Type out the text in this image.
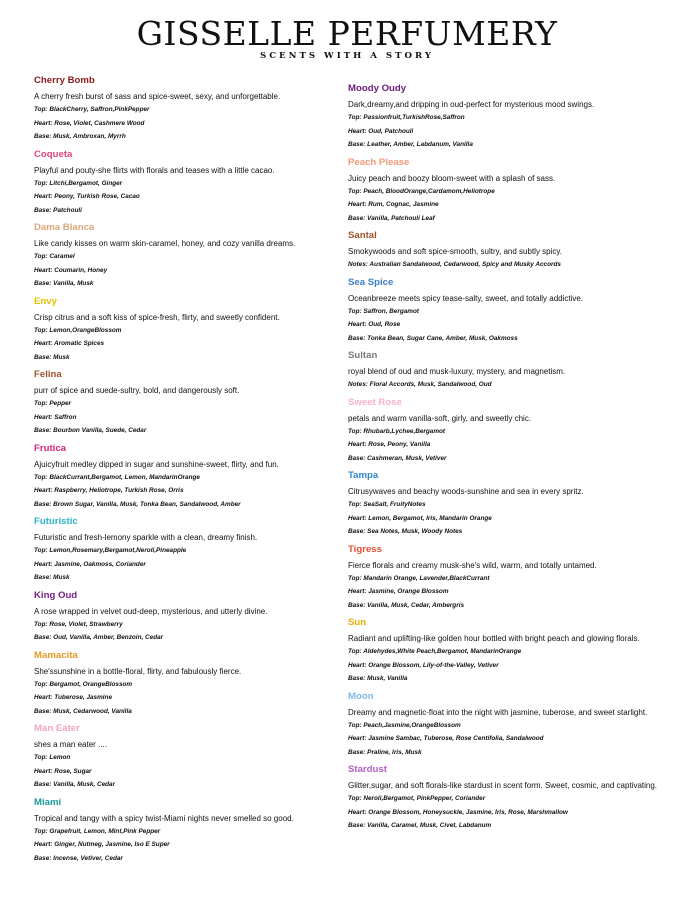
GISSELLE PERFUMERY
SCENTS WITH A STORY
Cherry Bomb
A cherry fresh burst of sass and spice-sweet, sexy, and unforgettable.
Top: BlackCherry, Saffron,PinkPepper
Heart: Rose, Violet, Cashmere Wood
Base: Musk, Ambroxan, Myrrh
Coqueta
Playful and pouty-she flirts with florals and teases with a little cacao.
Top: Litchi,Bergamot, Ginger
Heart: Peony, Turkish Rose, Cacao
Base: Patchouli
Dama Blanca
Like candy kisses on warm skin-caramel, honey, and cozy vanilla dreams.
Top: Caramel
Heart: Coumarin, Honey
Base: Vanilla, Musk
Envy
Crisp citrus and a soft kiss of spice-fresh, flirty, and sweetly confident.
Top: Lemon,OrangeBlossom
Heart: Aromatic Spices
Base: Musk
Felina
purr of spice and suede-sultry, bold, and dangerously soft.
Top: Pepper
Heart: Saffron
Base: Bourbon Vanilla, Suede, Cedar
Frutica
Ajuicyfruit medley dipped in sugar and sunshine-sweet, flirty, and fun.
Top: BlackCurrant,Bergamot, Lemon, MandarinOrange
Heart: Raspberry, Heliotrope, Turkish Rose, Orris
Base: Brown Sugar, Vanilla, Musk, Tonka Bean, Sandalwood, Amber
Futuristic
Futuristic and fresh-lemony sparkle with a clean, dreamy finish.
Top: Lemon,Rosemary,Bergamot,Neroli,Pineapple
Heart: Jasmine, Oakmoss, Coriander
Base: Musk
King Oud
A rose wrapped in velvet oud-deep, mysterious, and utterly divine.
Top: Rose, Violet, Strawberry
Base: Oud, Vanilla, Amber, Benzoin, Cedar
Mamacita
She'ssunshine in a bottle-floral, flirty, and fabulously fierce.
Top: Bergamot, OrangeBlossom
Heart: Tuberose, Jasmine
Base: Musk, Cedarwood, Vanilla
Man Eater
shes a man eater ....
Top: Lemon
Heart: Rose, Sugar
Base: Vanilla, Musk, Cedar
Miami
Tropical and tangy with a spicy twist-Miami nights never smelled so good.
Top: Grapefruit, Lemon, Mint,Pink Pepper
Heart: Ginger, Nutmeg, Jasmine, Iso E Super
Base: Incense, Vetiver, Cedar
Moody Oudy
Dark,dreamy,and dripping in oud-perfect for mysterious mood swings.
Top: Passionfruit,TurkishRose,Saffron
Heart: Oud, Patchouli
Base: Leather, Amber, Labdanum, Vanilla
Peach Please
Juicy peach and boozy bloom-sweet with a splash of sass.
Top: Peach, BloodOrange,Cardamom,Heliotrope
Heart: Rum, Cognac, Jasmine
Base: Vanilla, Patchouli Leaf
Santal
Smokywoods and soft spice-smooth, sultry, and subtly spicy.
Notes: Australian Sandalwood, Cedarwood, Spicy and Musky Accords
Sea Spice
Oceanbreeze meets spicy tease-salty, sweet, and totally addictive.
Top: Saffron, Bergamot
Heart: Oud, Rose
Base: Tonka Bean, Sugar Cane, Amber, Musk, Oakmoss
Sultan
royal blend of oud and musk-luxury, mystery, and magnetism.
Notes: Floral Accords, Musk, Sandalwood, Oud
Sweet Rose
petals and warm vanilla-soft, girly, and sweetly chic.
Top: Rhubarb,Lychee,Bergamot
Heart: Rose, Peony, Vanilla
Base: Cashmeran, Musk, Vetiver
Tampa
Citrusywaves and beachy woods-sunshine and sea in every spritz.
Top: SeaSalt, FruityNotes
Heart: Lemon, Bergamot, Iris, Mandarin Orange
Base: Sea Notes, Musk, Woody Notes
Tigress
Fierce florals and creamy musk-she's wild, warm, and totally untamed.
Top: Mandarin Orange, Lavender,BlackCurrant
Heart: Jasmine, Orange Blossom
Base: Vanilla, Musk, Cedar, Ambergris
Sun
Radiant and uplifting-like golden hour bottled with bright peach and glowing florals.
Top: Aldehydes,White Peach,Bergamot, MandarinOrange
Heart: Orange Blossom, Lily-of-the-Valley, Vetiver
Base: Musk, Vanilla
Moon
Dreamy and magnetic-float into the night with jasmine, tuberose, and sweet starlight.
Top: Peach,Jasmine,OrangeBlossom
Heart: Jasmine Sambac, Tuberose, Rose Centifolia, Sandalwood
Base: Praline, Iris, Musk
Stardust
Glitter,sugar, and soft florals-like stardust in scent form. Sweet, cosmic, and captivating.
Top: Neroli,Bergamot, PinkPepper, Coriander
Heart: Orange Blossom, Honeysuckle, Jasmine, Iris, Rose, Marshmallow
Base: Vanilla, Caramel, Musk, Civet, Labdanum
